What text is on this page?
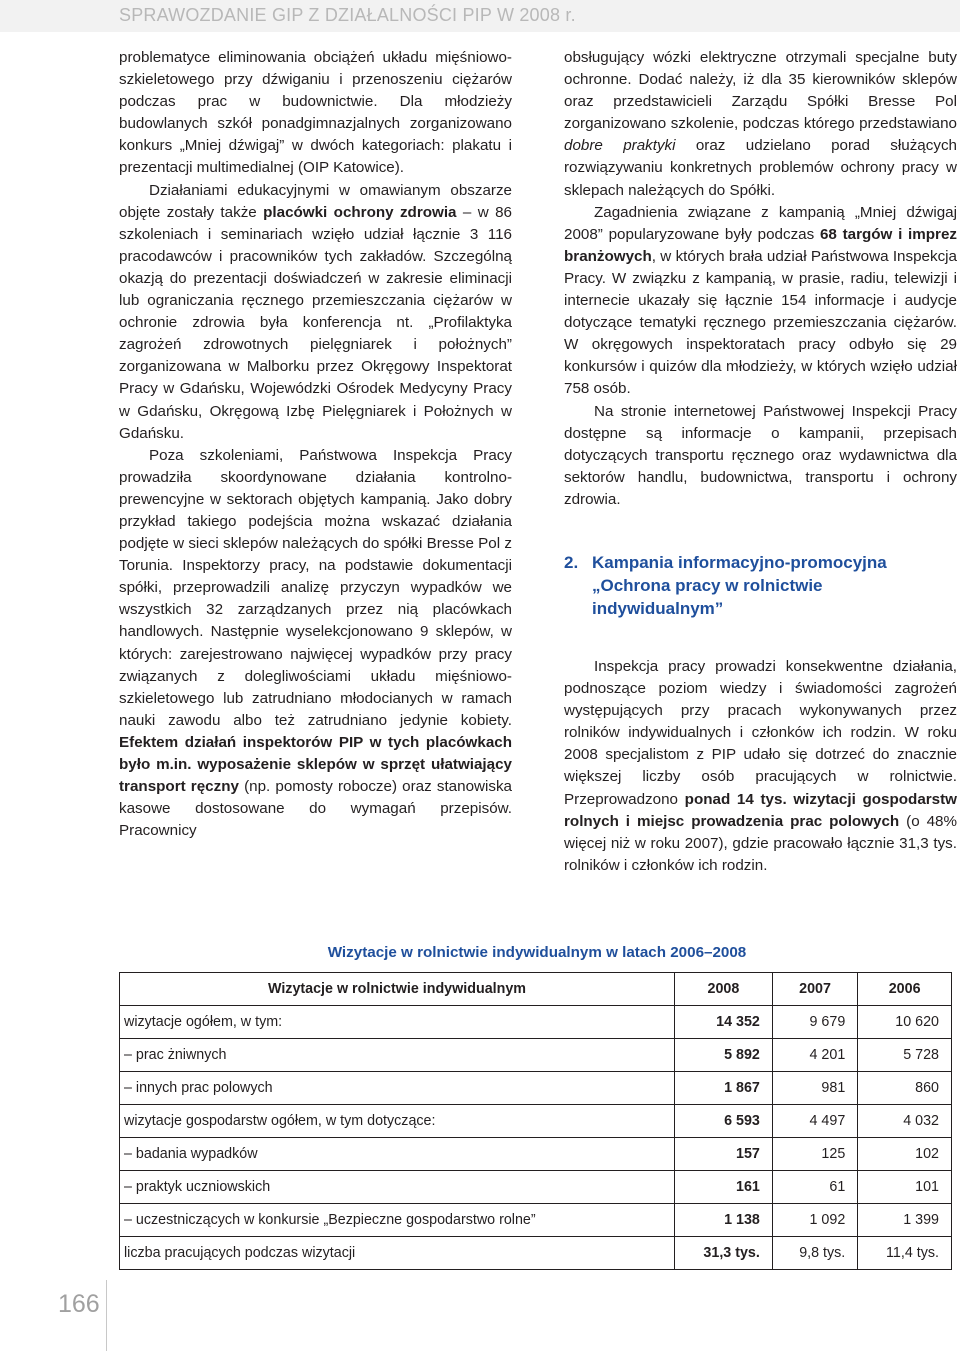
SPRAWOZDANIE GIP Z DZIAŁALNOŚCI PIP W 2008 r.

problematyce eliminowania obciążeń układu mięśniowo-szkieletowego przy dźwiganiu i przenoszeniu ciężarów podczas prac w budownictwie. Dla młodzieży budowlanych szkół ponadgimnazjalnych zorganizowano konkurs „Mniej dźwigaj” w dwóch kategoriach: plakatu i prezentacji multimedialnej (OIP Katowice).

Działaniami edukacyjnymi w omawianym obszarze objęte zostały także placówki ochrony zdrowia – w 86 szkoleniach i seminariach wzięło udział łącznie 3 116 pracodawców i pracowników tych zakładów. Szczególną okazją do prezentacji doświadczeń w zakresie eliminacji lub ograniczania ręcznego przemieszczania ciężarów w ochronie zdrowia była konferencja nt. „Profilaktyka zagrożeń zdrowotnych pielęgniarek i położnych” zorganizowana w Malborku przez Okręgowy Inspektorat Pracy w Gdańsku, Wojewódzki Ośrodek Medycyny Pracy w Gdańsku, Okręgową Izbę Pielęgniarek i Położnych w Gdańsku.

Poza szkoleniami, Państwowa Inspekcja Pracy prowadziła skoordynowane działania kontrolno-prewencyjne w sektorach objętych kampanią. Jako dobry przykład takiego podejścia można wskazać działania podjęte w sieci sklepów należących do spółki Bresse Pol z Torunia. Inspektorzy pracy, na podstawie dokumentacji spółki, przeprowadzili analizę przyczyn wypadków we wszystkich 32 zarządzanych przez nią placówkach handlowych. Następnie wyselekcjonowano 9 sklepów, w których: zarejestrowano najwięcej wypadków przy pracy związanych z dolegliwościami układu mięśniowo-szkieletowego lub zatrudniano młodocianych w ramach nauki zawodu albo też zatrudniano jedynie kobiety. Efektem działań inspektorów PIP w tych placówkach było m.in. wyposażenie sklepów w sprzęt ułatwiający transport ręczny (np. pomosty robocze) oraz stanowiska kasowe dostosowane do wymagań przepisów. Pracownicy

obsługujący wózki elektryczne otrzymali specjalne buty ochronne. Dodać należy, iż dla 35 kierowników sklepów oraz przedstawicieli Zarządu Spółki Bresse Pol zorganizowano szkolenie, podczas którego przedstawiano dobre praktyki oraz udzielano porad służących rozwiązywaniu konkretnych problemów ochrony pracy w sklepach należących do Spółki.

Zagadnienia związane z kampanią „Mniej dźwigaj 2008” popularyzowane były podczas 68 targów i imprez branżowych, w których brała udział Państwowa Inspekcja Pracy. W związku z kampanią, w prasie, radiu, telewizji i internecie ukazały się łącznie 154 informacje i audycje dotyczące tematyki ręcznego przemieszczania ciężarów. W okręgowych inspektoratach pracy odbyło się 29 konkursów i quizów dla młodzieży, w których wzięło udział 758 osób.

Na stronie internetowej Państwowej Inspekcji Pracy dostępne są informacje o kampanii, przepisach dotyczących transportu ręcznego oraz wydawnictwa dla sektorów handlu, budownictwa, transportu i ochrony zdrowia.

2. Kampania informacyjno-promocyjna „Ochrona pracy w rolnictwie indywidualnym”

Inspekcja pracy prowadzi konsekwentne działania, podnoszące poziom wiedzy i świadomości zagrożeń występujących przy pracach wykonywanych przez rolników indywidualnych i członków ich rodzin. W roku 2008 specjalistom z PIP udało się dotrzeć do znacznie większej liczby osób pracujących w rolnictwie. Przeprowadzono ponad 14 tys. wizytacji gospodarstw rolnych i miejsc prowadzenia prac polowych (o 48% więcej niż w roku 2007), gdzie pracowało łącznie 31,3 tys. rolników i członków ich rodzin.

Wizytacje w rolnictwie indywidualnym w latach 2006–2008
Wizytacje w rolnictwie indywidualnym	2008	2007	2006
wizytacje ogółem, w tym:	14 352	9 679	10 620
– prac żniwnych	5 892	4 201	5 728
– innych prac polowych	1 867	981	860
wizytacje gospodarstw ogółem, w tym dotyczące:	6 593	4 497	4 032
– badania wypadków	157	125	102
– praktyk uczniowskich	161	61	101
– uczestniczących w konkursie „Bezpieczne gospodarstwo rolne”	1 138	1 092	1 399
liczba pracujących podczas wizytacji	31,3 tys.	9,8 tys.	11,4 tys.
166
